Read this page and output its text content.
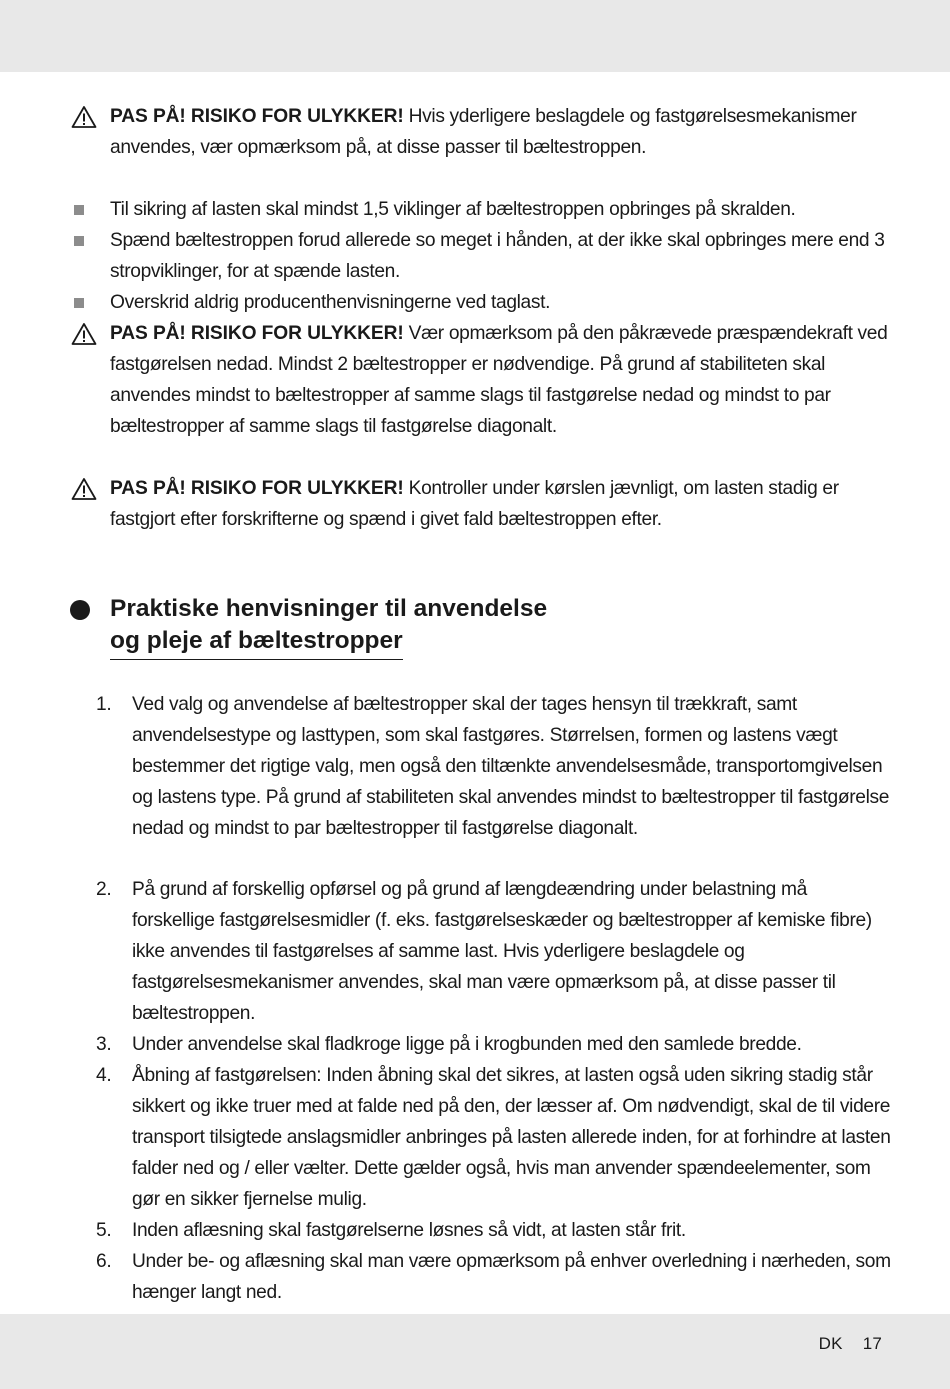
PAS PÅ! RISIKO FOR ULYKKER! Hvis yderligere beslagdele og fastgørelsesmekanismer anvendes, vær opmærksom på, at disse passer til bæltestroppen.
Til sikring af lasten skal mindst 1,5 viklinger af bæltestroppen opbringes på skralden.
Spænd bæltestroppen forud allerede so meget i hånden, at der ikke skal opbringes mere end 3 stropviklinger, for at spænde lasten.
Overskrid aldrig producenthenvisningerne ved taglast.
PAS PÅ! RISIKO FOR ULYKKER! Vær opmærksom på den påkrævede præspændekraft ved fastgørelsen nedad. Mindst 2 bæltestropper er nødvendige. På grund af stabiliteten skal anvendes mindst to bæltestropper af samme slags til fastgørelse nedad og mindst to par bæltestropper af samme slags til fastgørelse diagonalt.
PAS PÅ! RISIKO FOR ULYKKER! Kontroller under kørslen jævnligt, om lasten stadig er fastgjort efter forskrifterne og spænd i givet fald bæltestroppen efter.
Praktiske henvisninger til anvendelse
og pleje af bæltestropper
1.	Ved valg og anvendelse af bæltestropper skal der tages hensyn til trækkraft, samt anvendelsestype og lasttypen, som skal fastgøres. Størrelsen, formen og lastens vægt bestemmer det rigtige valg, men også den tiltænkte anvendelsesmåde, transportomgivelsen og lastens type. På grund af stabiliteten skal anvendes mindst to bæltestropper til fastgørelse nedad og mindst to par bæltestropper til fastgørelse diagonalt.
2.	På grund af forskellig opførsel og på grund af længdeændring under belastning må forskellige fastgørelsesmidler (f. eks. fastgørelseskæder og bæltestropper af kemiske fibre) ikke anvendes til fastgørelses af samme last. Hvis yderligere beslagdele og fastgørelsesmekanismer anvendes, skal man være opmærksom på, at disse passer til bæltestroppen.
3.	Under anvendelse skal fladkroge ligge på i krogbunden med den samlede bredde.
4.	Åbning af fastgørelsen: Inden åbning skal det sikres, at lasten også uden sikring stadig står sikkert og ikke truer med at falde ned på den, der læsser af. Om nødvendigt, skal de til videre transport tilsigtede anslagsmidler anbringes på lasten allerede inden, for at forhindre at lasten falder ned og / eller vælter. Dette gælder også, hvis man anvender spændeelementer, som gør en sikker fjernelse mulig.
5.	Inden aflæsning skal fastgørelserne løsnes så vidt, at lasten står frit.
6.	Under be- og aflæsning skal man være opmærksom på enhver overledning i nærheden, som hænger langt ned.
DK 17
